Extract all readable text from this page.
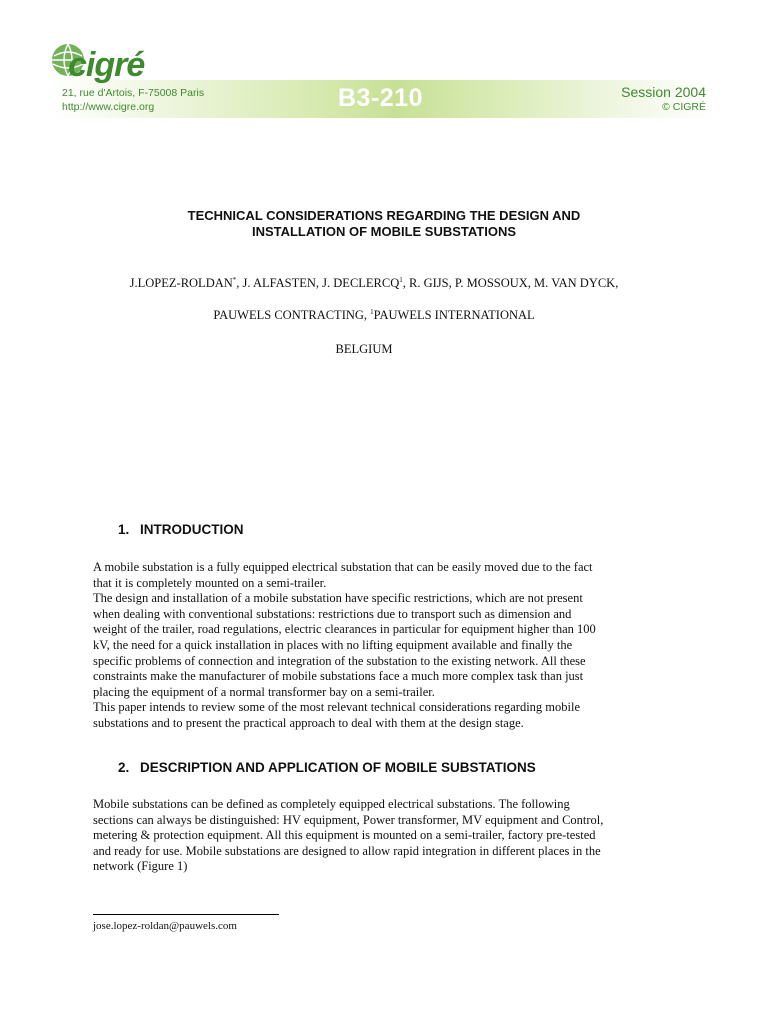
cigré
21, rue d'Artois, F-75008 Paris
http://www.cigre.org	B3-210	Session 2004
© CIGRÉ
TECHNICAL CONSIDERATIONS REGARDING THE DESIGN AND
INSTALLATION OF MOBILE SUBSTATIONS
J.LOPEZ-ROLDAN*, J. ALFASTEN, J. DECLERCQ$^1$, R. GIJS, P. MOSSOUX, M. VAN DYCK,
PAUWELS CONTRACTING, $^1$PAUWELS INTERNATIONAL
BELGIUM
1. INTRODUCTION
A mobile substation is a fully equipped electrical substation that can be easily moved due to the fact
that it is completely mounted on a semi-trailer.
The design and installation of a mobile substation have specific restrictions, which are not present
when dealing with conventional substations: restrictions due to transport such as dimension and
weight of the trailer, road regulations, electric clearances in particular for equipment higher than 100
kV, the need for a quick installation in places with no lifting equipment available and finally the
specific problems of connection and integration of the substation to the existing network. All these
constraints make the manufacturer of mobile substations face a much more complex task than just
placing the equipment of a normal transformer bay on a semi-trailer.
This paper intends to review some of the most relevant technical considerations regarding mobile
substations and to present the practical approach to deal with them at the design stage.
2. DESCRIPTION AND APPLICATION OF MOBILE SUBSTATIONS
Mobile substations can be defined as completely equipped electrical substations. The following
sections can always be distinguished: HV equipment, Power transformer, MV equipment and Control,
metering & protection equipment. All this equipment is mounted on a semi-trailer, factory pre-tested
and ready for use. Mobile substations are designed to allow rapid integration in different places in the
network (Figure 1)
jose.lopez-roldan@pauwels.com
